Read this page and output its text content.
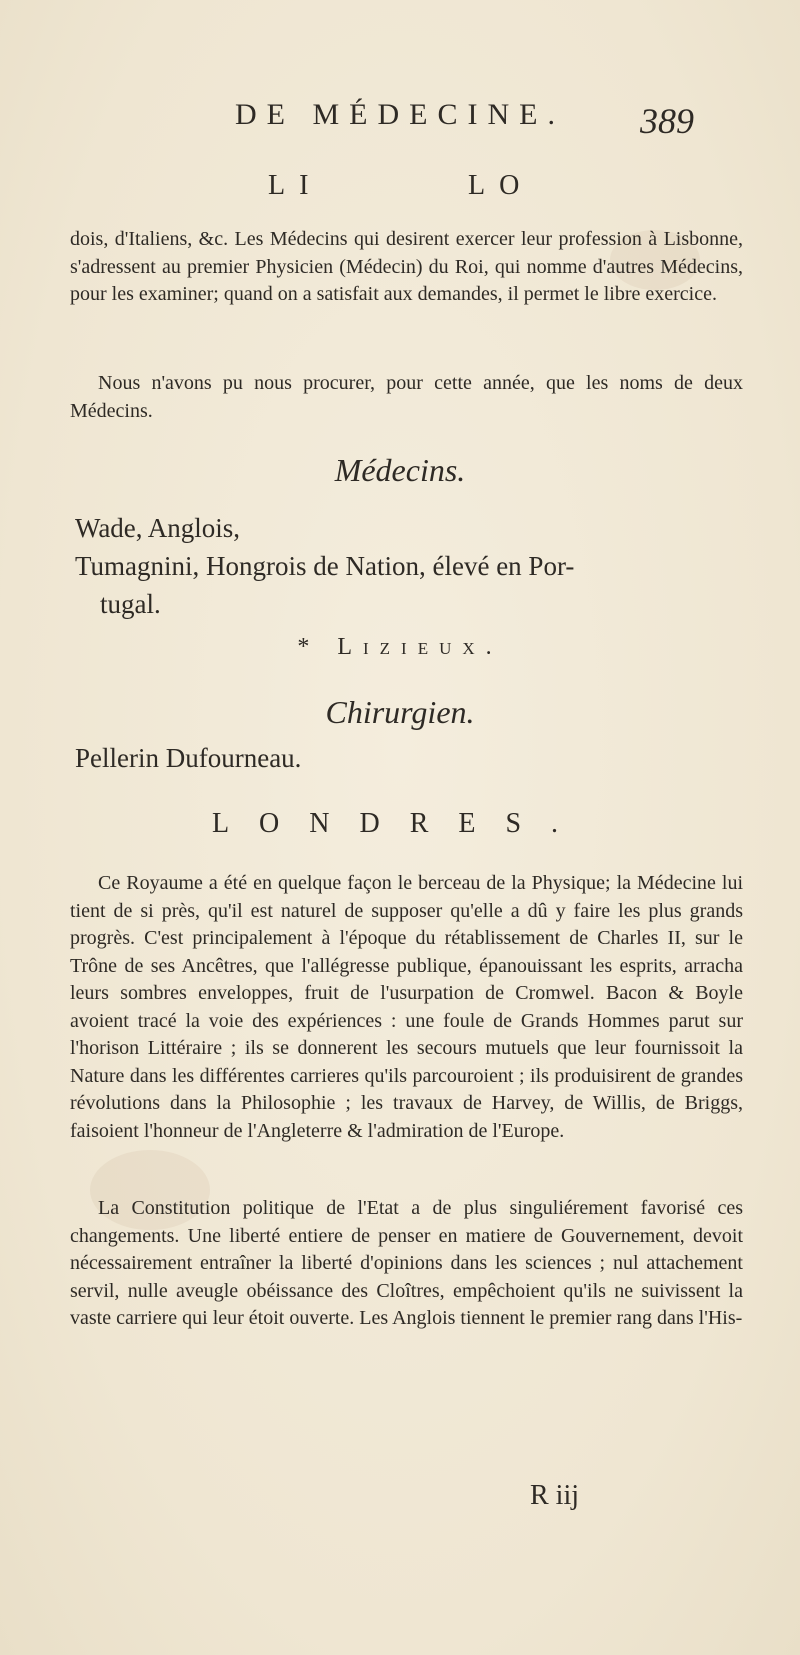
DE MÉDECINE.	389
LI	LO

dois, d'Italiens, &c. Les Médecins qui desirent exercer leur profession à Lisbonne, s'adressent au premier Physicien (Médecin) du Roi, qui nomme d'autres Médecins, pour les examiner; quand on a satisfait aux demandes, il permet le libre exercice.

Nous n'avons pu nous procurer, pour cette année, que les noms de deux Médecins.

Médecins.
Wade, Anglois,
Tumagnini, Hongrois de Nation, élevé en Por-
tugal.
* Lizieux.
Chirurgien.
Pellerin Dufourneau.
LONDRES.

Ce Royaume a été en quelque façon le berceau de la Physique; la Médecine lui tient de si près, qu'il est naturel de supposer qu'elle a dû y faire les plus grands progrès. C'est principalement à l'époque du rétablissement de Charles II, sur le Trône de ses Ancêtres, que l'allégresse publique, épanouissant les esprits, arracha leurs sombres enveloppes, fruit de l'usurpation de Cromwel. Bacon & Boyle avoient tracé la voie des expériences : une foule de Grands Hommes parut sur l'horison Littéraire ; ils se donnerent les secours mutuels que leur fournissoit la Nature dans les différentes carrieres qu'ils parcouroient ; ils produisirent de grandes révolutions dans la Philosophie ; les travaux de Harvey, de Willis, de Briggs, faisoient l'honneur de l'Angleterre & l'admiration de l'Europe.

La Constitution politique de l'Etat a de plus singuliérement favorisé ces changements. Une liberté entiere de penser en matiere de Gouvernement, devoit nécessairement entraîner la liberté d'opinions dans les sciences ; nul attachement servil, nulle aveugle obéissance des Cloîtres, empêchoient qu'ils ne suivissent la vaste carriere qui leur étoit ouverte. Les Anglois tiennent le premier rang dans l'His-

R iij
